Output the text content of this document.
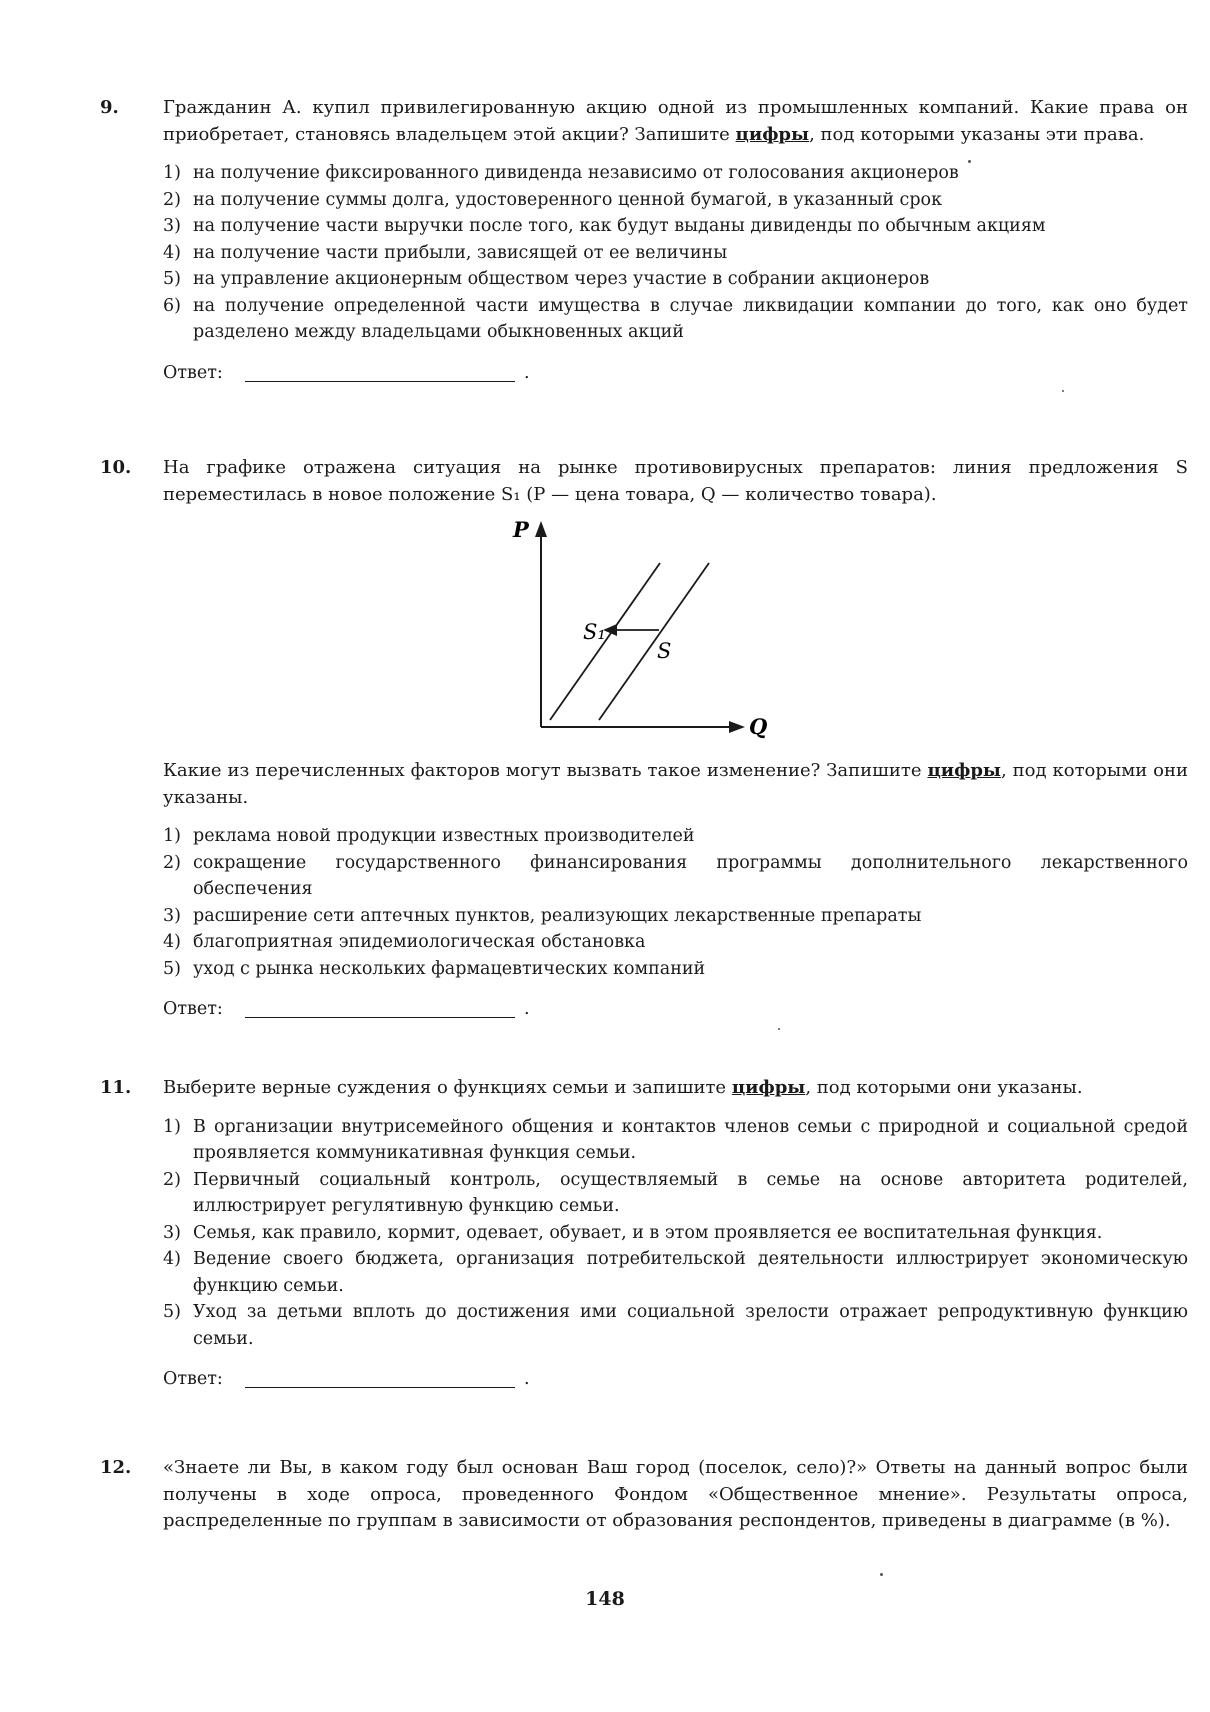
9.	Гражданин А. купил привилегированную акцию одной из промышленных компаний. Какие права он приобретает, становясь владельцем этой акции? Запишите цифры, под которыми указаны эти права.

1) на получение фиксированного дивиденда независимо от голосования акционеров
2) на получение суммы долга, удостоверенного ценной бумагой, в указанный срок
3) на получение части выручки после того, как будут выданы дивиденды по обычным акциям
4) на получение части прибыли, зависящей от ее величины
5) на управление акционерным обществом через участие в собрании акционеров
6) на получение определенной части имущества в случае ликвидации компании до того, как оно будет разделено между владельцами обыкновенных акций
Ответ:	.
10.	На графике отражена ситуация на рынке противовирусных препаратов: линия предложения S переместилась в новое положение S₁ (P — цена товара, Q — количество товара).

P
Q
S₁
S

Какие из перечисленных факторов могут вызвать такое изменение? Запишите цифры, под которыми они указаны.

1) реклама новой продукции известных производителей
2) сокращение государственного финансирования программы дополнительного лекарственного обеспечения
3) расширение сети аптечных пунктов, реализующих лекарственные препараты
4) благоприятная эпидемиологическая обстановка
5) уход с рынка нескольких фармацевтических компаний
Ответ:	.
11.	Выберите верные суждения о функциях семьи и запишите цифры, под которыми они указаны.

1) В организации внутрисемейного общения и контактов членов семьи с природной и социальной средой проявляется коммуникативная функция семьи.
2) Первичный социальный контроль, осуществляемый в семье на основе авторитета родителей, иллюстрирует регулятивную функцию семьи.
3) Семья, как правило, кормит, одевает, обувает, и в этом проявляется ее воспитательная функция.
4) Ведение своего бюджета, организация потребительской деятельности иллюстрирует экономическую функцию семьи.
5) Уход за детьми вплоть до достижения ими социальной зрелости отражает репродуктивную функцию семьи.
Ответ:	.
12.	«Знаете ли Вы, в каком году был основан Ваш город (поселок, село)?» Ответы на данный вопрос были получены в ходе опроса, проведенного Фондом «Общественное мнение». Результаты опроса, распределенные по группам в зависимости от образования респондентов, приведены в диаграмме (в %).

148
